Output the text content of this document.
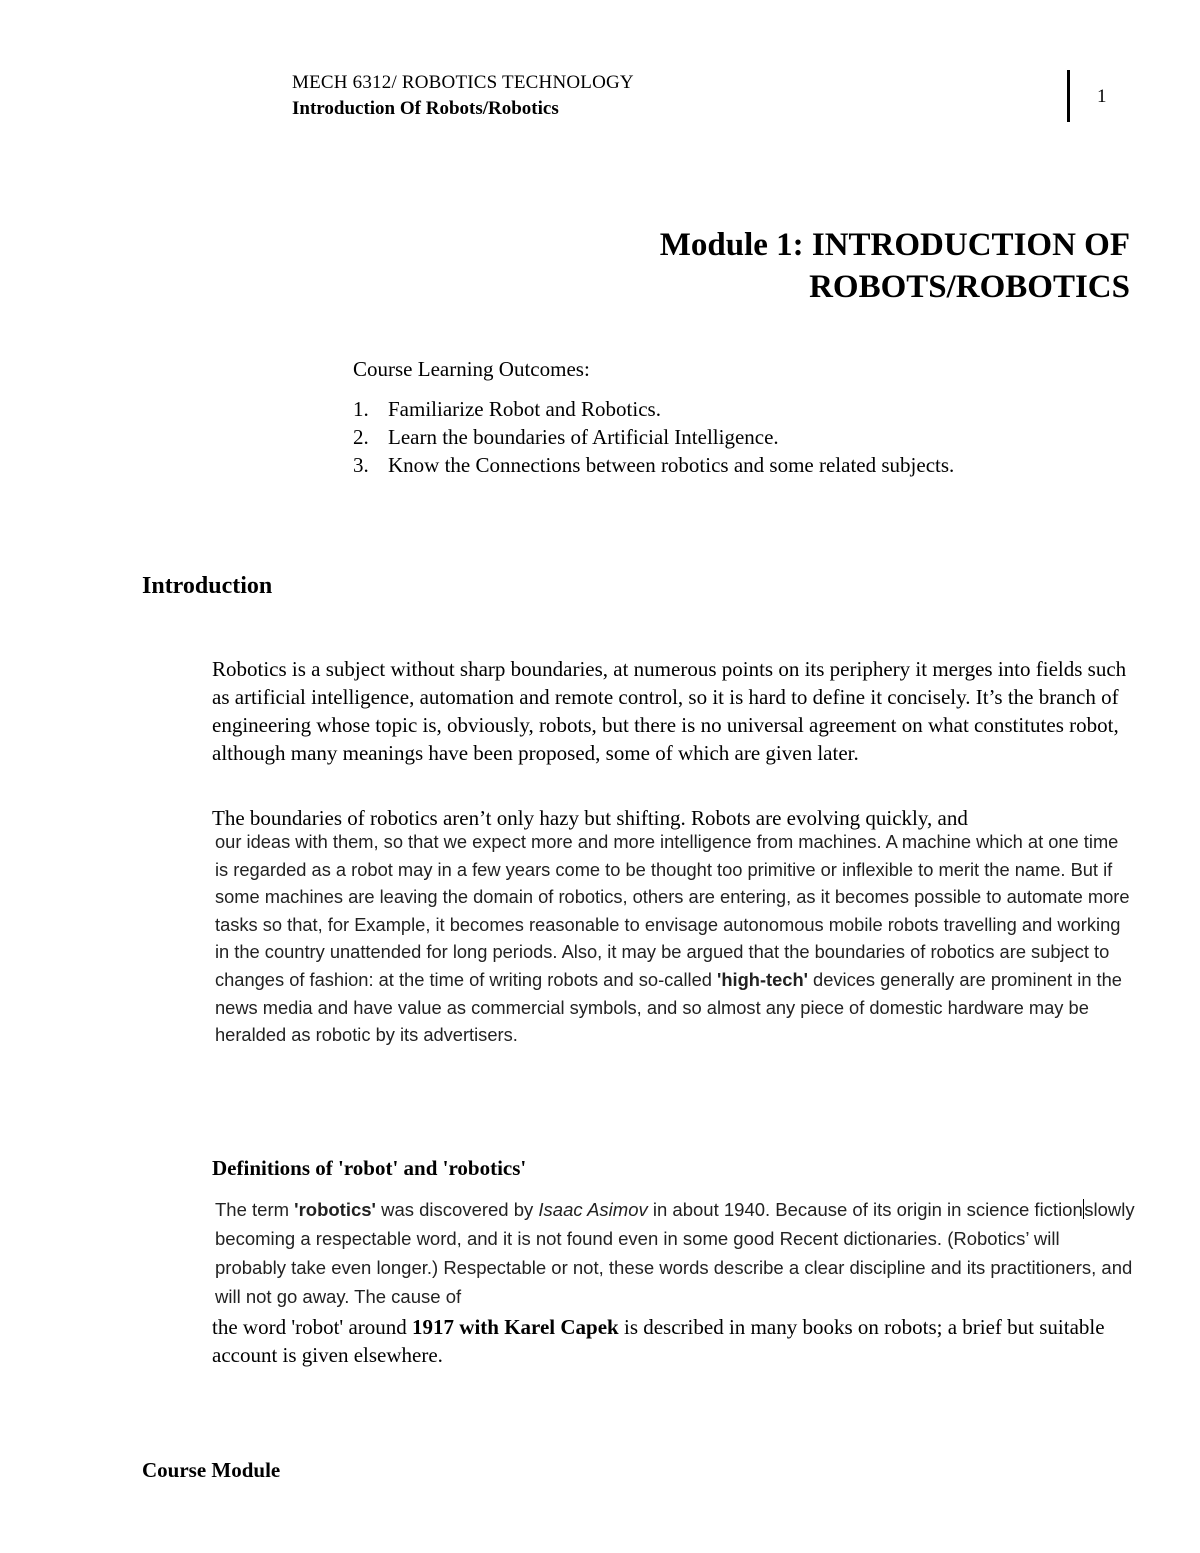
MECH 6312/ ROBOTICS TECHNOLOGY
Introduction Of Robots/Robotics
1
Module 1: INTRODUCTION OF
ROBOTS/ROBOTICS
Course Learning Outcomes:
1. Familiarize Robot and Robotics.
2. Learn the boundaries of Artificial Intelligence.
3. Know the Connections between robotics and some related subjects.
Introduction

Robotics is a subject without sharp boundaries, at numerous points on its periphery it merges into fields such as artificial intelligence, automation and remote control, so it is hard to define it concisely. It’s the branch of engineering whose topic is, obviously, robots, but there is no universal agreement on what constitutes robot, although many meanings have been proposed, some of which are given later.

The boundaries of robotics aren’t only hazy but shifting. Robots are evolving quickly, and

our ideas with them, so that we expect more and more intelligence from machines. A machine which at one time is regarded as a robot may in a few years come to be thought too primitive or inflexible to merit the name. But if some machines are leaving the domain of robotics, others are entering, as it becomes possible to automate more tasks so that, for Example, it becomes reasonable to envisage autonomous mobile robots travelling and working in the country unattended for long periods. Also, it may be argued that the boundaries of robotics are subject to changes of fashion: at the time of writing robots and so-called 'high-tech' devices generally are prominent in the news media and have value as commercial symbols, and so almost any piece of domestic hardware may be heralded as robotic by its advertisers.

Definitions of 'robot' and 'robotics'

The term 'robotics' was discovered by Isaac Asimov in about 1940. Because of its origin in science fictionslowly becoming a respectable word, and it is not found even in some good Recent dictionaries. (Robotics’ will probably take even longer.) Respectable or not, these words describe a clear discipline and its practitioners, and will not go away. The cause of

the word 'robot' around 1917 with Karel Capek is described in many books on robots; a brief but suitable account is given elsewhere.

Course Module
